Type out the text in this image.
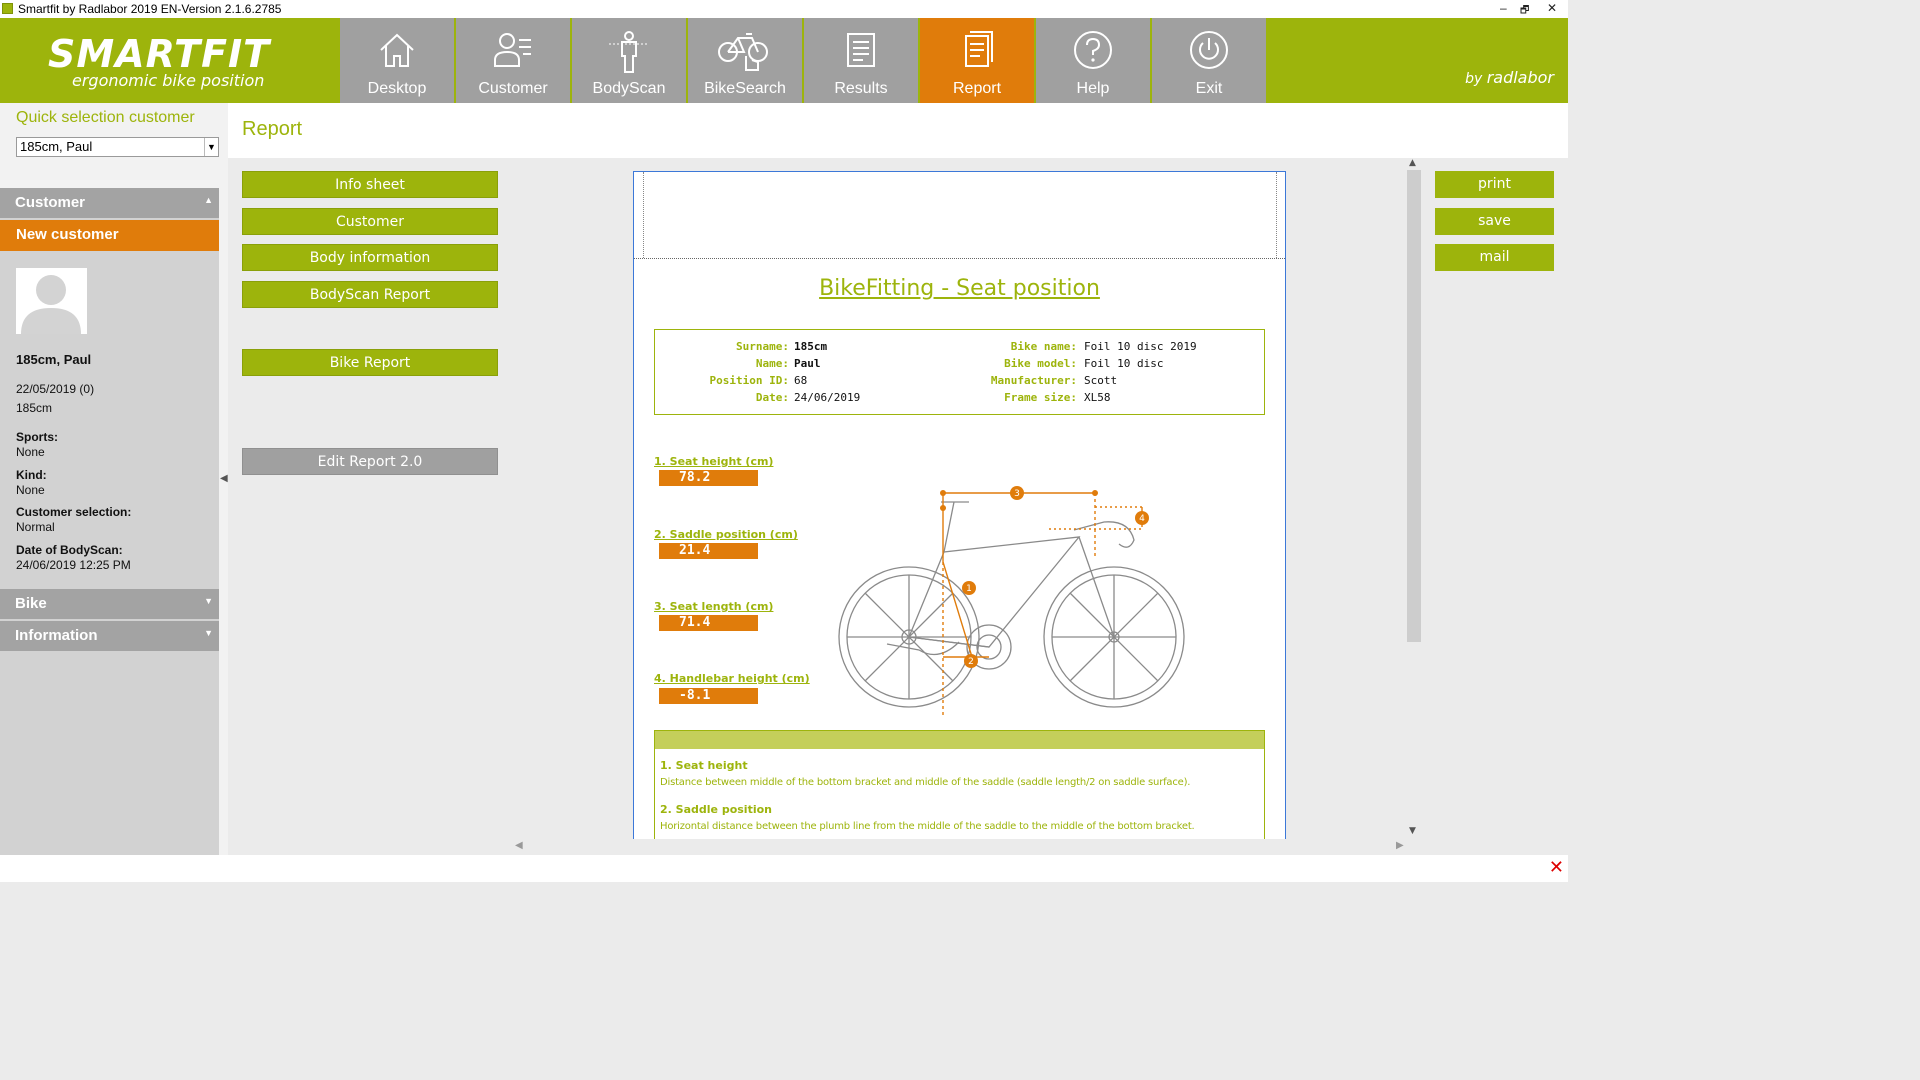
Smartfit by Radlabor 2019 EN-Version 2.1.6.2785	– 🗗 ✕
SMARTFIT
ergonomic bike position	Desktop	Customer	BodyScan	BikeSearch	Results	Report	Help	Exit
by radlabor
Quick selection customer
185cm, Paul	▼
Customer	▲
New customer
185cm, Paul
22/05/2019 (0)
185cm
Sports:
None
Kind:
None
Customer selection:
Normal
Date of BodyScan:
24/06/2019 12:25 PM
Bike	▼
Information	▼
◀
Report
Info sheet
Customer
Body information
BodyScan Report
Bike Report
Edit Report 2.0
print
save
mail
BikeFitting - Seat position
Surname: 185cm
Name: Paul
Position ID: 68
Date: 24/06/2019
Bike name: Foil 10 disc 2019
Bike model: Foil 10 disc
Manufacturer: Scott
Frame size: XL58
1. Seat height (cm)
78.2
2. Saddle position (cm)
21.4
3. Seat length (cm)
71.4
4. Handlebar height (cm)
-8.1
3
1
2
4
1. Seat height
Distance between middle of the bottom bracket and middle of the saddle (saddle length/2 on saddle surface).
2. Saddle position
Horizontal distance between the plumb line from the middle of the saddle to the middle of the bottom bracket.
▲
▼
◀	▶
✕
